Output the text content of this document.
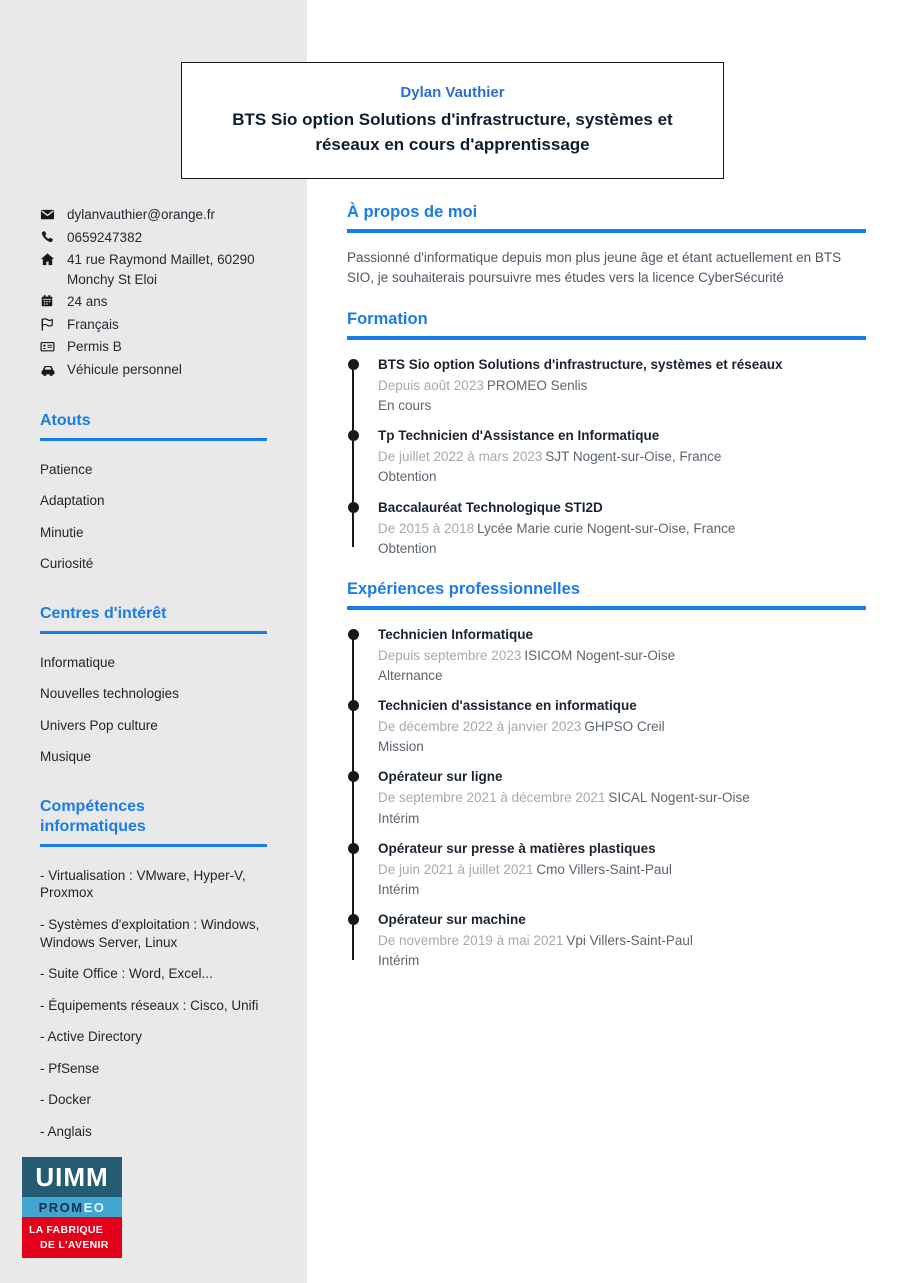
dylanvauthier@orange.fr
0659247382
41 rue Raymond Maillet, 60290 Monchy St Eloi
24 ans
Français
Permis B
Véhicule personnel
Atouts
Patience
Adaptation
Minutie
Curiosité
Centres d'intérêt
Informatique
Nouvelles technologies
Univers Pop culture
Musique
Compétences informatiques
- Virtualisation : VMware, Hyper-V, Proxmox
- Systèmes d'exploitation : Windows, Windows Server, Linux
- Suite Office : Word, Excel...
- Équipements réseaux : Cisco, Unifi
- Active Directory
- PfSense
- Docker
- Anglais
Dylan Vauthier
BTS Sio option Solutions d'infrastructure, systèmes et réseaux en cours d'apprentissage
À propos de moi

Passionné d'informatique depuis mon plus jeune âge et étant actuellement en BTS SIO, je souhaiterais poursuivre mes études vers la licence CyberSécurité

Formation
BTS Sio option Solutions d'infrastructure, systèmes et réseaux
Depuis août 2023 PROMEO Senlis
En cours
Tp Technicien d'Assistance en Informatique
De juillet 2022 à mars 2023 SJT Nogent-sur-Oise, France
Obtention
Baccalauréat Technologique STI2D
De 2015 à 2018 Lycée Marie curie Nogent-sur-Oise, France
Obtention
Expériences professionnelles
Technicien Informatique
Depuis septembre 2023 ISICOM Nogent-sur-Oise
Alternance
Technicien d'assistance en informatique
De décembre 2022 à janvier 2023 GHPSO Creil
Mission
Opérateur sur ligne
De septembre 2021 à décembre 2021 SICAL Nogent-sur-Oise
Intérim
Opérateur sur presse à matières plastiques
De juin 2021 à juillet 2021 Cmo Villers-Saint-Paul
Intérim
Opérateur sur machine
De novembre 2019 à mai 2021 Vpi Villers-Saint-Paul
Intérim
UIMM
PROM EO
LA FABRIQUE
DE L'AVENIR
